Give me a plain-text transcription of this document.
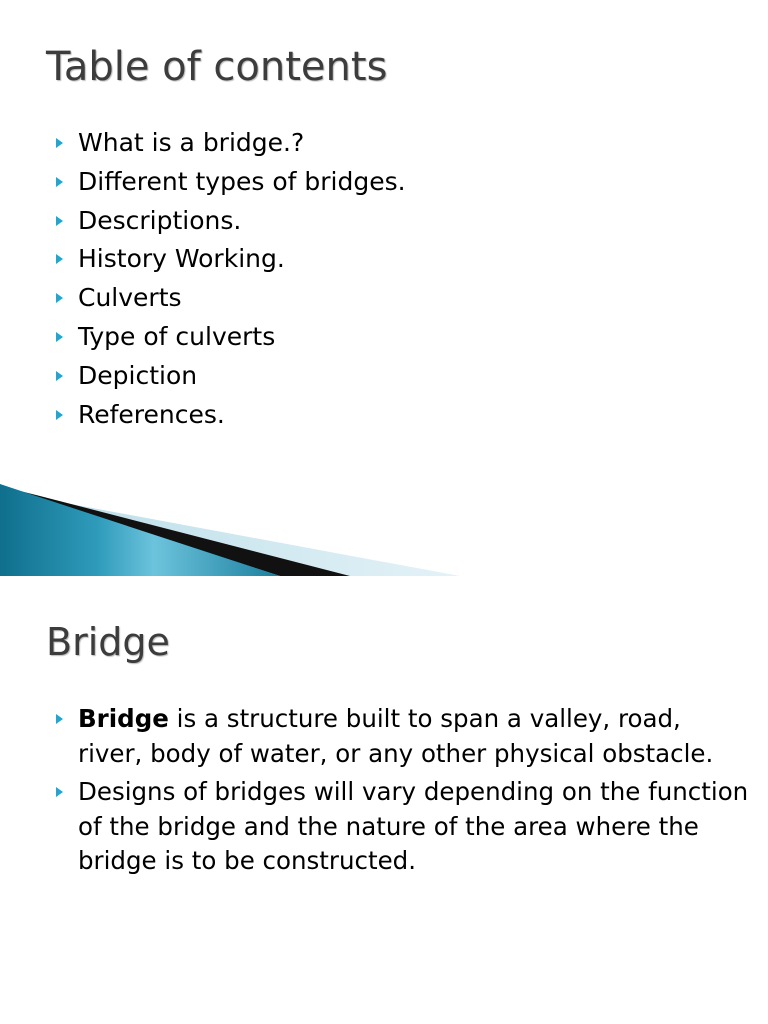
Table of contents
What is a bridge.?
Different types of bridges.
Descriptions.
History Working.
Culverts
Type of culverts
Depiction
References.
Bridge
Bridge is a structure built to span a valley, road, river, body of water, or any other physical obstacle.
Designs of bridges will vary depending on the function of the bridge and the nature of the area where the bridge is to be constructed.
